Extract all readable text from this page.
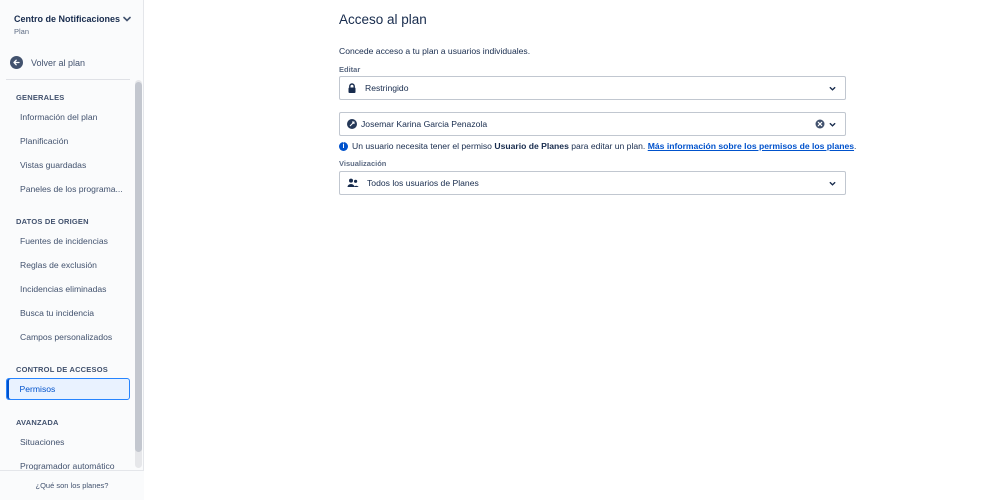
Centro de Notificaciones
Plan
Volver al plan
GENERALES
Información del plan
Planificación
Vistas guardadas
Paneles de los programa...
DATOS DE ORIGEN
Fuentes de incidencias
Reglas de exclusión
Incidencias eliminadas
Busca tu incidencia
Campos personalizados
CONTROL DE ACCESOS
Permisos
AVANZADA
Situaciones
Programador automático
¿Qué son los planes?
Acceso al plan
Concede acceso a tu plan a usuarios individuales.
Editar
Restringido
Josemar Karina Garcia Penazola
i Un usuario necesita tener el permiso Usuario de Planes para editar un plan. Más información sobre los permisos de los planes.
Visualización
Todos los usuarios de Planes
